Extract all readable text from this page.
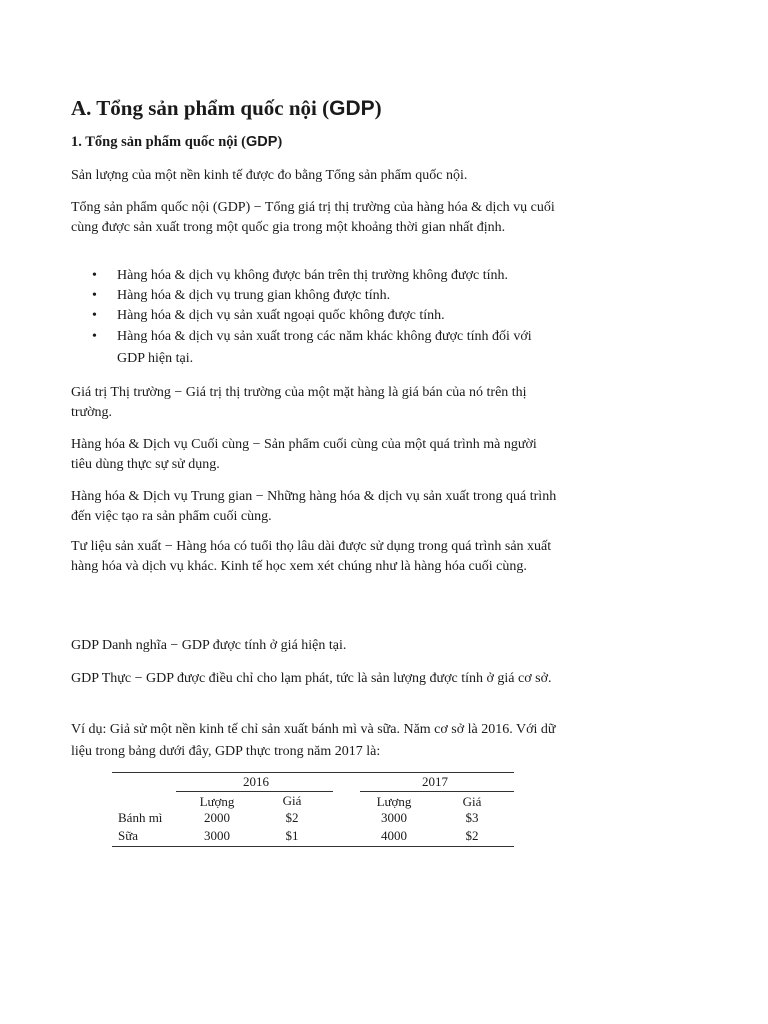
A. Tổng sản phẩm quốc nội (GDP)
1. Tổng sản phẩm quốc nội (GDP)

Sản lượng của một nền kinh tế được đo bằng Tổng sản phẩm quốc nội.

Tổng sản phẩm quốc nội (GDP) − Tổng giá trị thị trường của hàng hóa & dịch vụ cuối cùng được sản xuất trong một quốc gia trong một khoảng thời gian nhất định.

• Hàng hóa & dịch vụ không được bán trên thị trường không được tính.
• Hàng hóa & dịch vụ trung gian không được tính.
• Hàng hóa & dịch vụ sản xuất ngoại quốc không được tính.
• Hàng hóa & dịch vụ sản xuất trong các năm khác không được tính đối với GDP hiện tại.

Giá trị Thị trường − Giá trị thị trường của một mặt hàng là giá bán của nó trên thị trường.

Hàng hóa & Dịch vụ Cuối cùng − Sản phẩm cuối cùng của một quá trình mà người tiêu dùng thực sự sử dụng.

Hàng hóa & Dịch vụ Trung gian − Những hàng hóa & dịch vụ sản xuất trong quá trình đến việc tạo ra sản phẩm cuối cùng.

Tư liệu sản xuất − Hàng hóa có tuổi thọ lâu dài được sử dụng trong quá trình sản xuất hàng hóa và dịch vụ khác. Kinh tế học xem xét chúng như là hàng hóa cuối cùng.

GDP Danh nghĩa − GDP được tính ở giá hiện tại.

GDP Thực − GDP được điều chỉ cho lạm phát, tức là sản lượng được tính ở giá cơ sở.

Ví dụ: Giả sử một nền kinh tế chỉ sản xuất bánh mì và sữa. Năm cơ sở là 2016. Với dữ liệu trong bảng dưới đây, GDP thực trong năm 2017 là:

2016	2017
Lượng	Giá	Lượng	Giá
Bánh mì	2000	$2	3000	$3
Sữa	3000	$1	4000	$2
